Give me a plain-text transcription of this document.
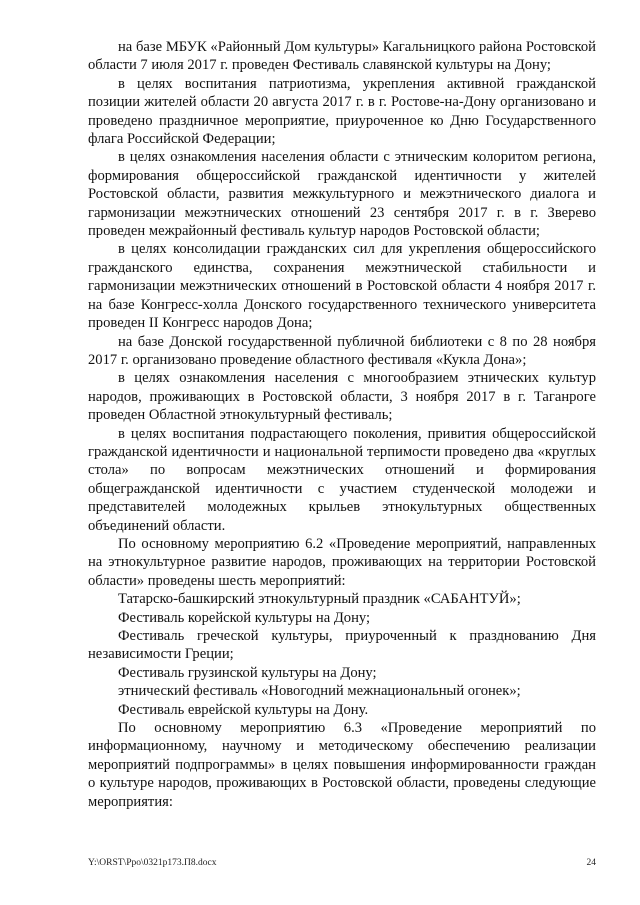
на базе МБУК «Районный Дом культуры» Кагальницкого района Ростовской области 7 июля 2017 г. проведен Фестиваль славянской культуры на Дону;

в целях воспитания патриотизма, укрепления активной гражданской позиции жителей области 20 августа 2017 г. в г. Ростове-на-Дону организовано и проведено праздничное мероприятие, приуроченное ко Дню Государственного флага Российской Федерации;

в целях ознакомления населения области с этническим колоритом региона, формирования общероссийской гражданской идентичности у жителей Ростовской области, развития межкультурного и межэтнического диалога и гармонизации межэтнических отношений 23 сентября 2017 г. в г. Зверево проведен межрайонный фестиваль культур народов Ростовской области;

в целях консолидации гражданских сил для укрепления общероссийского гражданского единства, сохранения межэтнической стабильности и гармонизации межэтнических отношений в Ростовской области 4 ноября 2017 г. на базе Конгресс-холла Донского государственного технического университета проведен II Конгресс народов Дона;

на базе Донской государственной публичной библиотеки с 8 по 28 ноября 2017 г. организовано проведение областного фестиваля «Кукла Дона»;

в целях ознакомления населения с многообразием этнических культур народов, проживающих в Ростовской области, 3 ноября 2017 в г. Таганроге проведен Областной этнокультурный фестиваль;

в целях воспитания подрастающего поколения, привития общероссийской гражданской идентичности и национальной терпимости проведено два «круглых стола» по вопросам межэтнических отношений и формирования общегражданской идентичности с участием студенческой молодежи и представителей молодежных крыльев этнокультурных общественных объединений области.

По основному мероприятию 6.2 «Проведение мероприятий, направленных на этнокультурное развитие народов, проживающих на территории Ростовской области» проведены шесть мероприятий:

Татарско-башкирский этнокультурный праздник «САБАНТУЙ»;

Фестиваль корейской культуры на Дону;

Фестиваль греческой культуры, приуроченный к празднованию Дня независимости Греции;

Фестиваль грузинской культуры на Дону;

этнический фестиваль «Новогодний межнациональный огонек»;

Фестиваль еврейской культуры на Дону.

По основному мероприятию 6.3 «Проведение мероприятий по информационному, научному и методическому обеспечению реализации мероприятий подпрограммы» в целях повышения информированности граждан о культуре народов, проживающих в Ростовской области, проведены следующие мероприятия:

Y:\ORST\Ppo\0321p173.П8.docx	24
